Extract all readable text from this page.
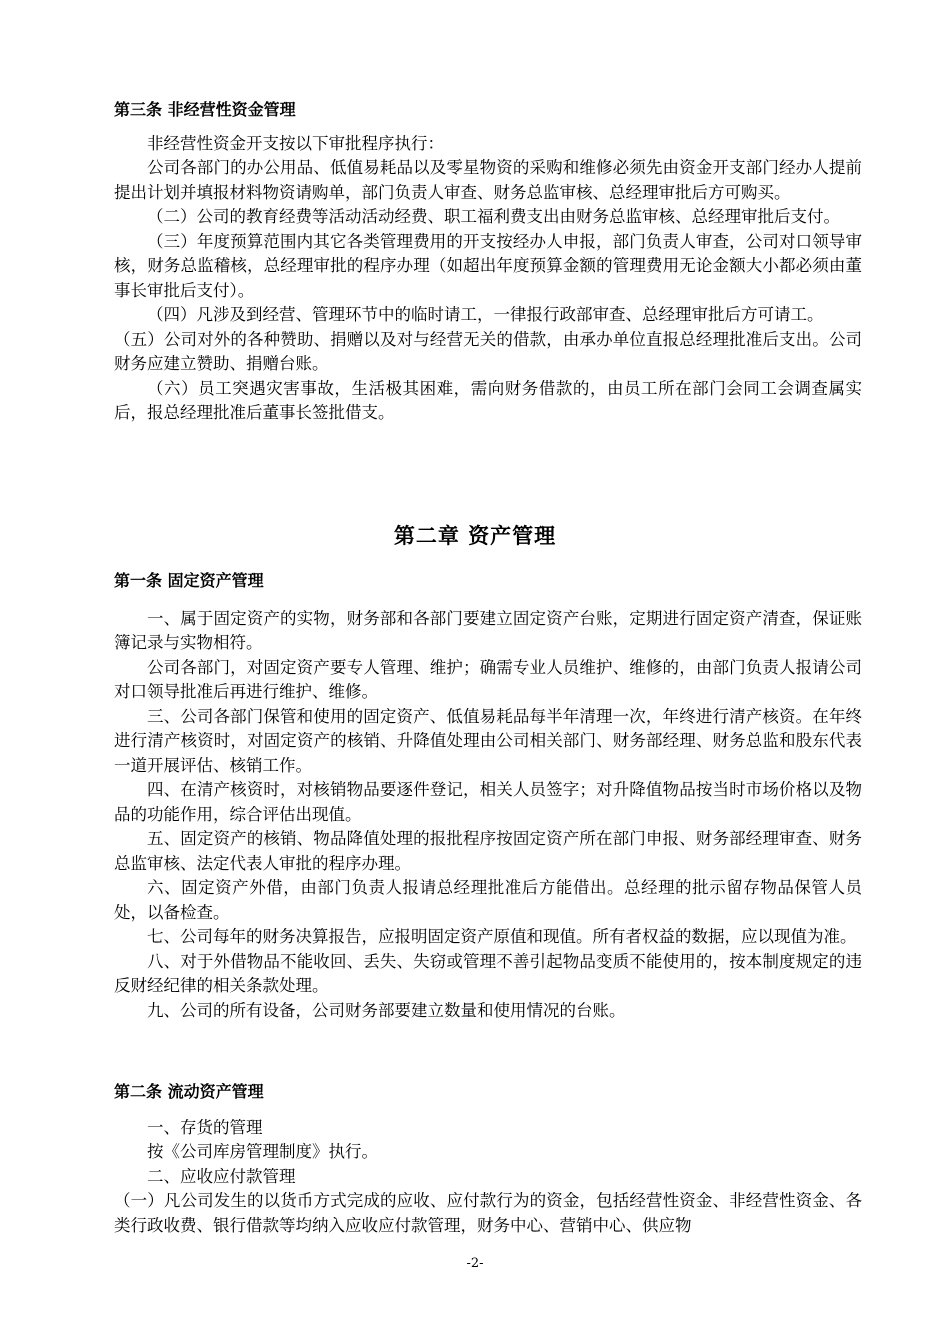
第三条 非经营性资金管理

非经营性资金开支按以下审批程序执行：

公司各部门的办公用品、低值易耗品以及零星物资的采购和维修必须先由资金开支部门经办人提前提出计划并填报材料物资请购单，部门负责人审查、财务总监审核、总经理审批后方可购买。

（二）公司的教育经费等活动活动经费、职工福利费支出由财务总监审核、总经理审批后支付。

（三）年度预算范围内其它各类管理费用的开支按经办人申报，部门负责人审查，公司对口领导审核，财务总监稽核，总经理审批的程序办理（如超出年度预算金额的管理费用无论金额大小都必须由董事长审批后支付）。

（四）凡涉及到经营、管理环节中的临时请工，一律报行政部审查、总经理审批后方可请工。

（五）公司对外的各种赞助、捐赠以及对与经营无关的借款，由承办单位直报总经理批准后支出。公司财务应建立赞助、捐赠台账。

（六）员工突遇灾害事故，生活极其困难，需向财务借款的，由员工所在部门会同工会调查属实后，报总经理批准后董事长签批借支。

第二章 资产管理
第一条 固定资产管理

一、属于固定资产的实物，财务部和各部门要建立固定资产台账，定期进行固定资产清查，保证账簿记录与实物相符。

公司各部门，对固定资产要专人管理、维护；确需专业人员维护、维修的，由部门负责人报请公司对口领导批准后再进行维护、维修。

三、公司各部门保管和使用的固定资产、低值易耗品每半年清理一次，年终进行清产核资。在年终进行清产核资时，对固定资产的核销、升降值处理由公司相关部门、财务部经理、财务总监和股东代表一道开展评估、核销工作。

四、在清产核资时，对核销物品要逐件登记，相关人员签字；对升降值物品按当时市场价格以及物品的功能作用，综合评估出现值。

五、固定资产的核销、物品降值处理的报批程序按固定资产所在部门申报、财务部经理审查、财务总监审核、法定代表人审批的程序办理。

六、固定资产外借，由部门负责人报请总经理批准后方能借出。总经理的批示留存物品保管人员处，以备检查。

七、公司每年的财务决算报告，应报明固定资产原值和现值。所有者权益的数据，应以现值为准。

八、对于外借物品不能收回、丢失、失窃或管理不善引起物品变质不能使用的，按本制度规定的违反财经纪律的相关条款处理。

九、公司的所有设备，公司财务部要建立数量和使用情况的台账。

第二条 流动资产管理

一、存货的管理

按《公司库房管理制度》执行。

二、应收应付款管理

（一）凡公司发生的以货币方式完成的应收、应付款行为的资金，包括经营性资金、非经营性资金、各类行政收费、银行借款等均纳入应收应付款管理，财务中心、营销中心、供应物

-2-
